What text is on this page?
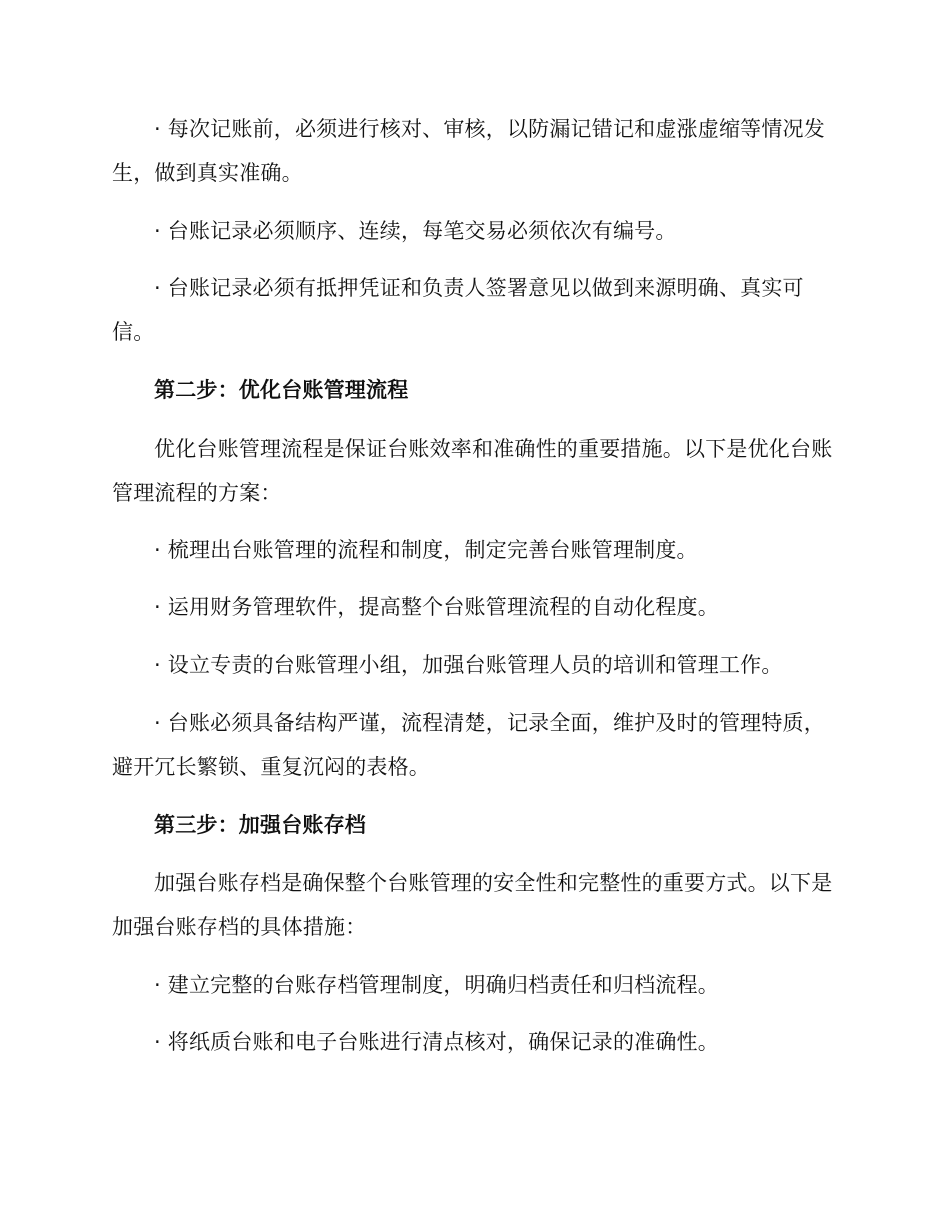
· 每次记账前，必须进行核对、审核，以防漏记错记和虚涨虚缩等情况发生，做到真实准确。

· 台账记录必须顺序、连续，每笔交易必须依次有编号。

· 台账记录必须有抵押凭证和负责人签署意见以做到来源明确、真实可信。

第二步：优化台账管理流程

优化台账管理流程是保证台账效率和准确性的重要措施。以下是优化台账管理流程的方案：

· 梳理出台账管理的流程和制度，制定完善台账管理制度。

· 运用财务管理软件，提高整个台账管理流程的自动化程度。

· 设立专责的台账管理小组，加强台账管理人员的培训和管理工作。

· 台账必须具备结构严谨，流程清楚，记录全面，维护及时的管理特质，避开冗长繁锁、重复沉闷的表格。

第三步：加强台账存档

加强台账存档是确保整个台账管理的安全性和完整性的重要方式。以下是加强台账存档的具体措施：

· 建立完整的台账存档管理制度，明确归档责任和归档流程。

· 将纸质台账和电子台账进行清点核对，确保记录的准确性。
